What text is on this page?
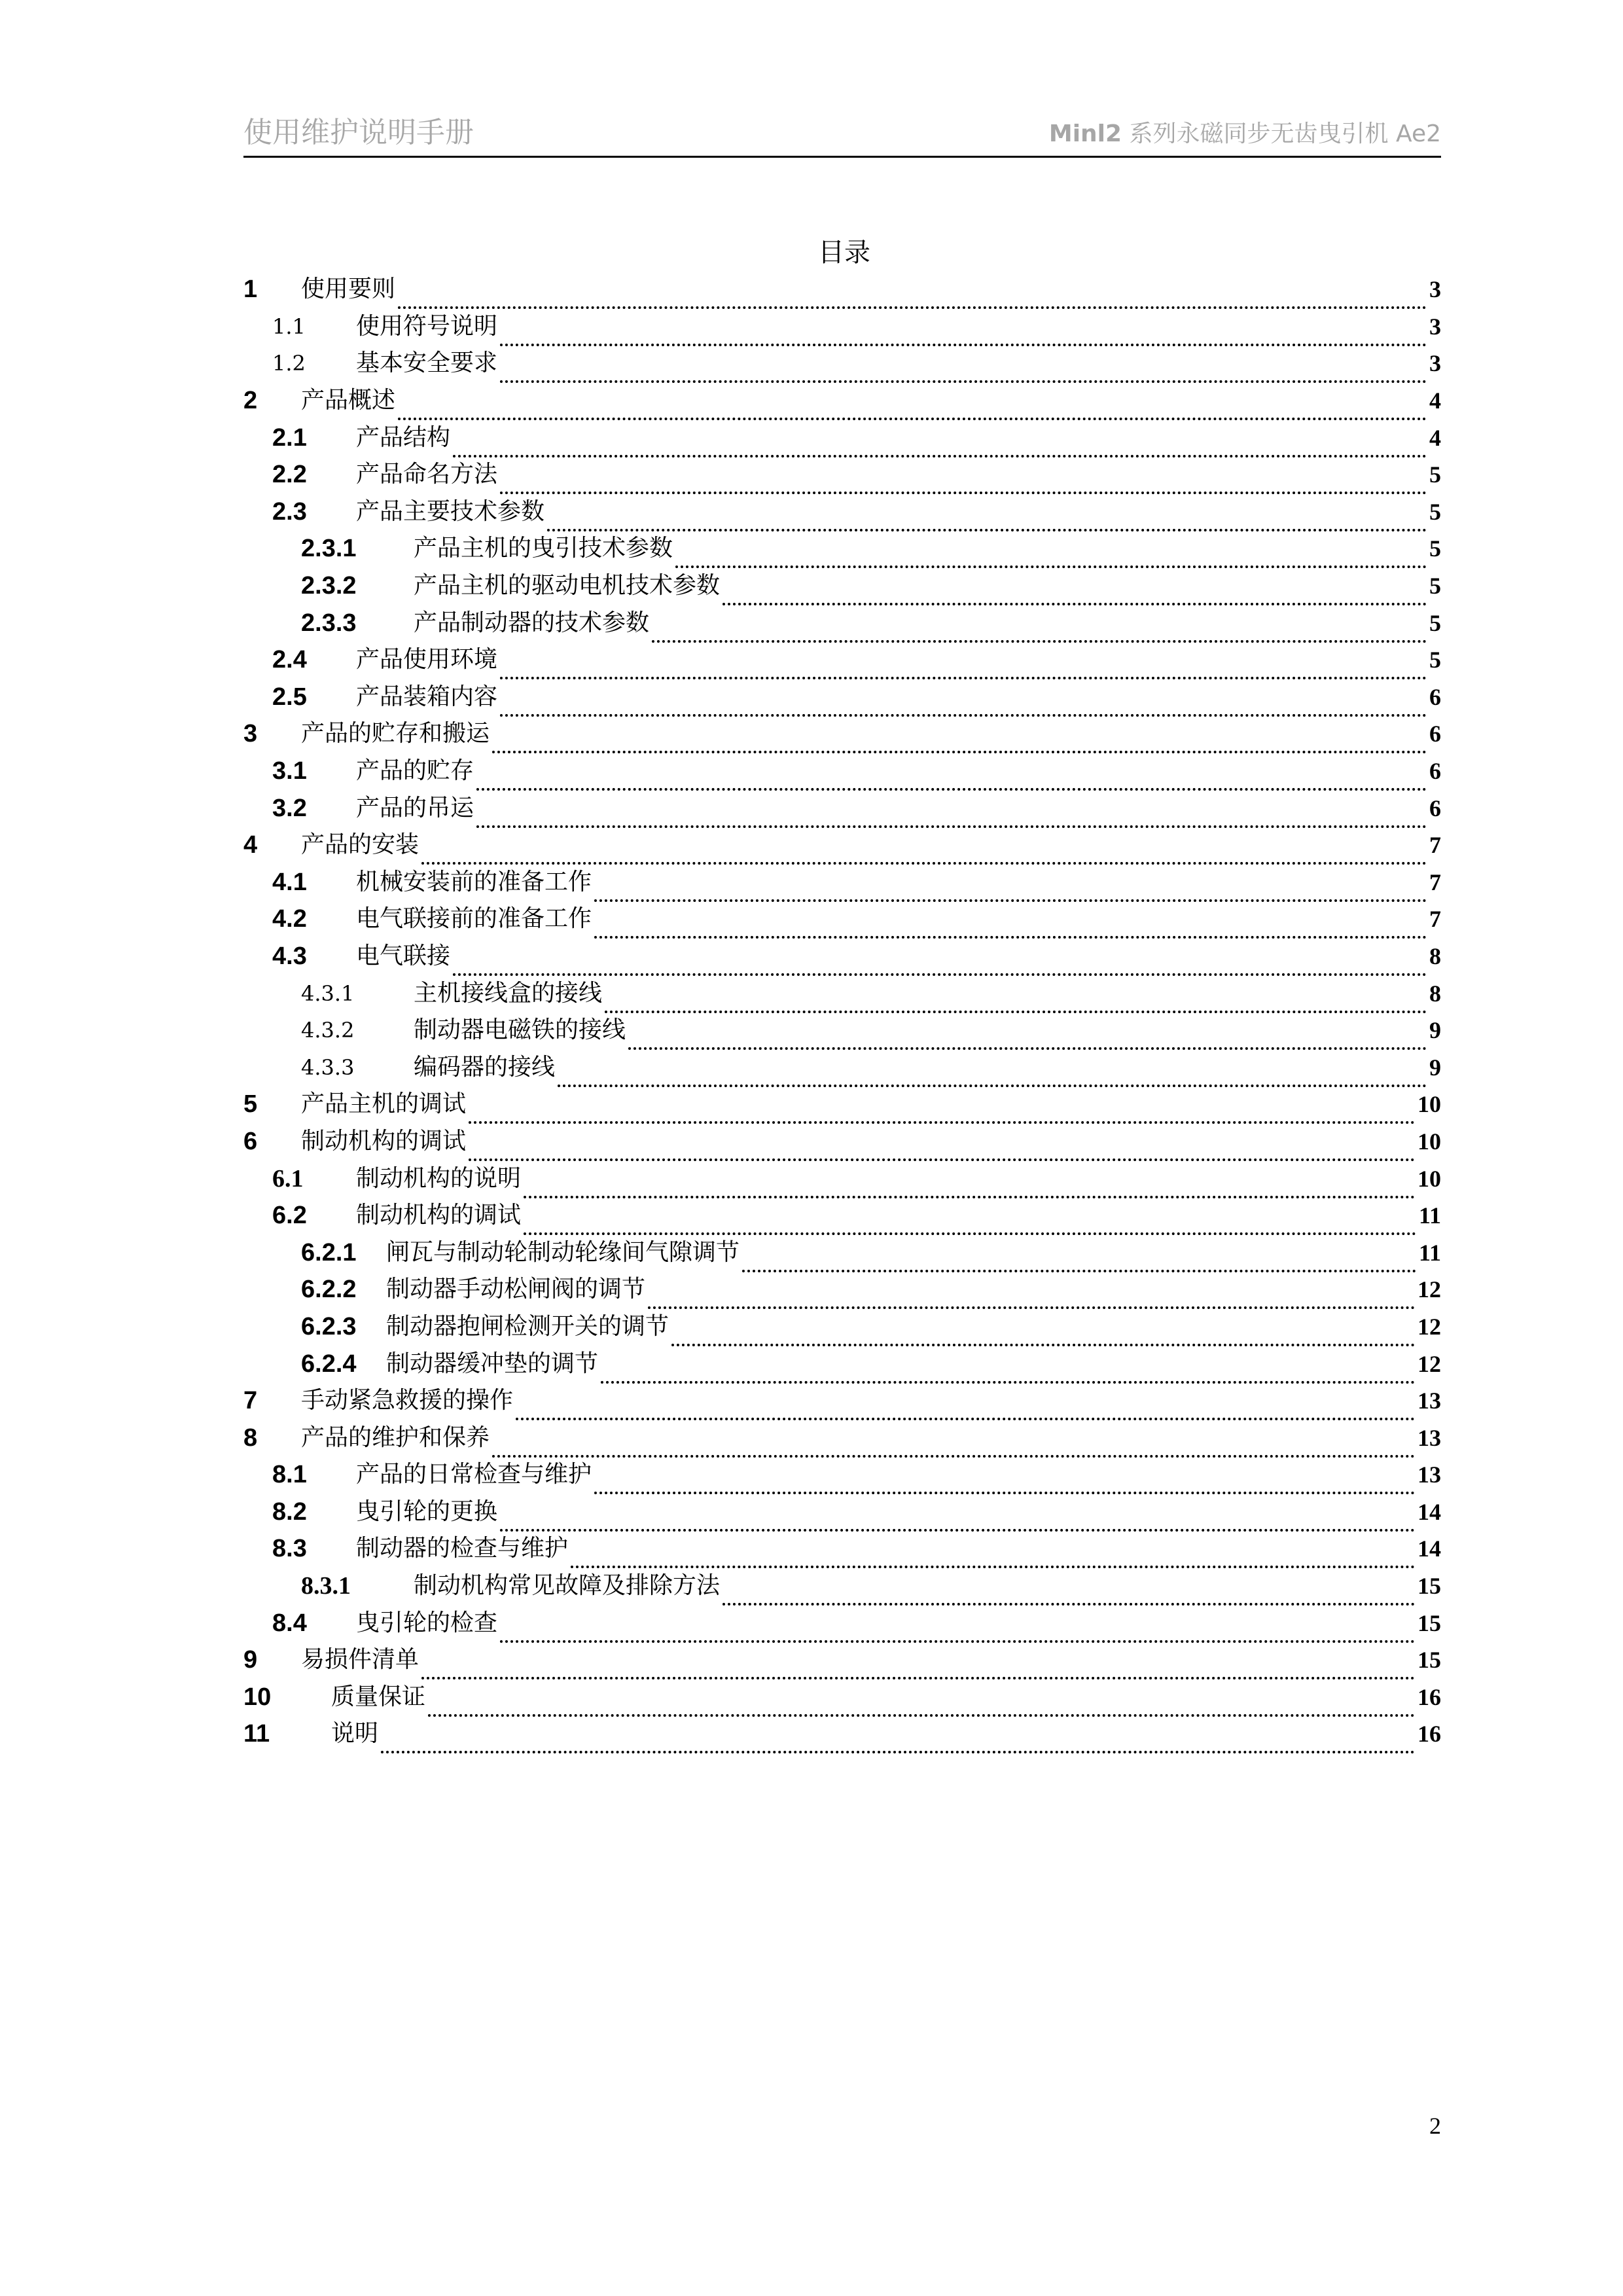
使用维护说明手册	Minl2 系列永磁同步无齿曳引机 Ae2
目录
1	使用要则	3
1.1	使用符号说明	3
1.2	基本安全要求	3
2	产品概述	4
2.1	产品结构	4
2.2	产品命名方法	5
2.3	产品主要技术参数	5
2.3.1	产品主机的曳引技术参数	5
2.3.2	产品主机的驱动电机技术参数	5
2.3.3	产品制动器的技术参数	5
2.4	产品使用环境	5
2.5	产品装箱内容	6
3	产品的贮存和搬运	6
3.1	产品的贮存	6
3.2	产品的吊运	6
4	产品的安装	7
4.1	机械安装前的准备工作	7
4.2	电气联接前的准备工作	7
4.3	电气联接	8
4.3.1	主机接线盒的接线	8
4.3.2	制动器电磁铁的接线	9
4.3.3	编码器的接线	9
5	产品主机的调试	10
6	制动机构的调试	10
6.1	制动机构的说明	10
6.2	制动机构的调试	11
6.2.1	闸瓦与制动轮制动轮缘间气隙调节	11
6.2.2	制动器手动松闸阀的调节	12
6.2.3	制动器抱闸检测开关的调节	12
6.2.4	制动器缓冲垫的调节	12
7	手动紧急救援的操作	13
8	产品的维护和保养	13
8.1	产品的日常检查与维护	13
8.2	曳引轮的更换	14
8.3	制动器的检查与维护	14
8.3.1	制动机构常见故障及排除方法	15
8.4	曳引轮的检查	15
9	易损件清单	15
10	质量保证	16
11	说明	16
2
